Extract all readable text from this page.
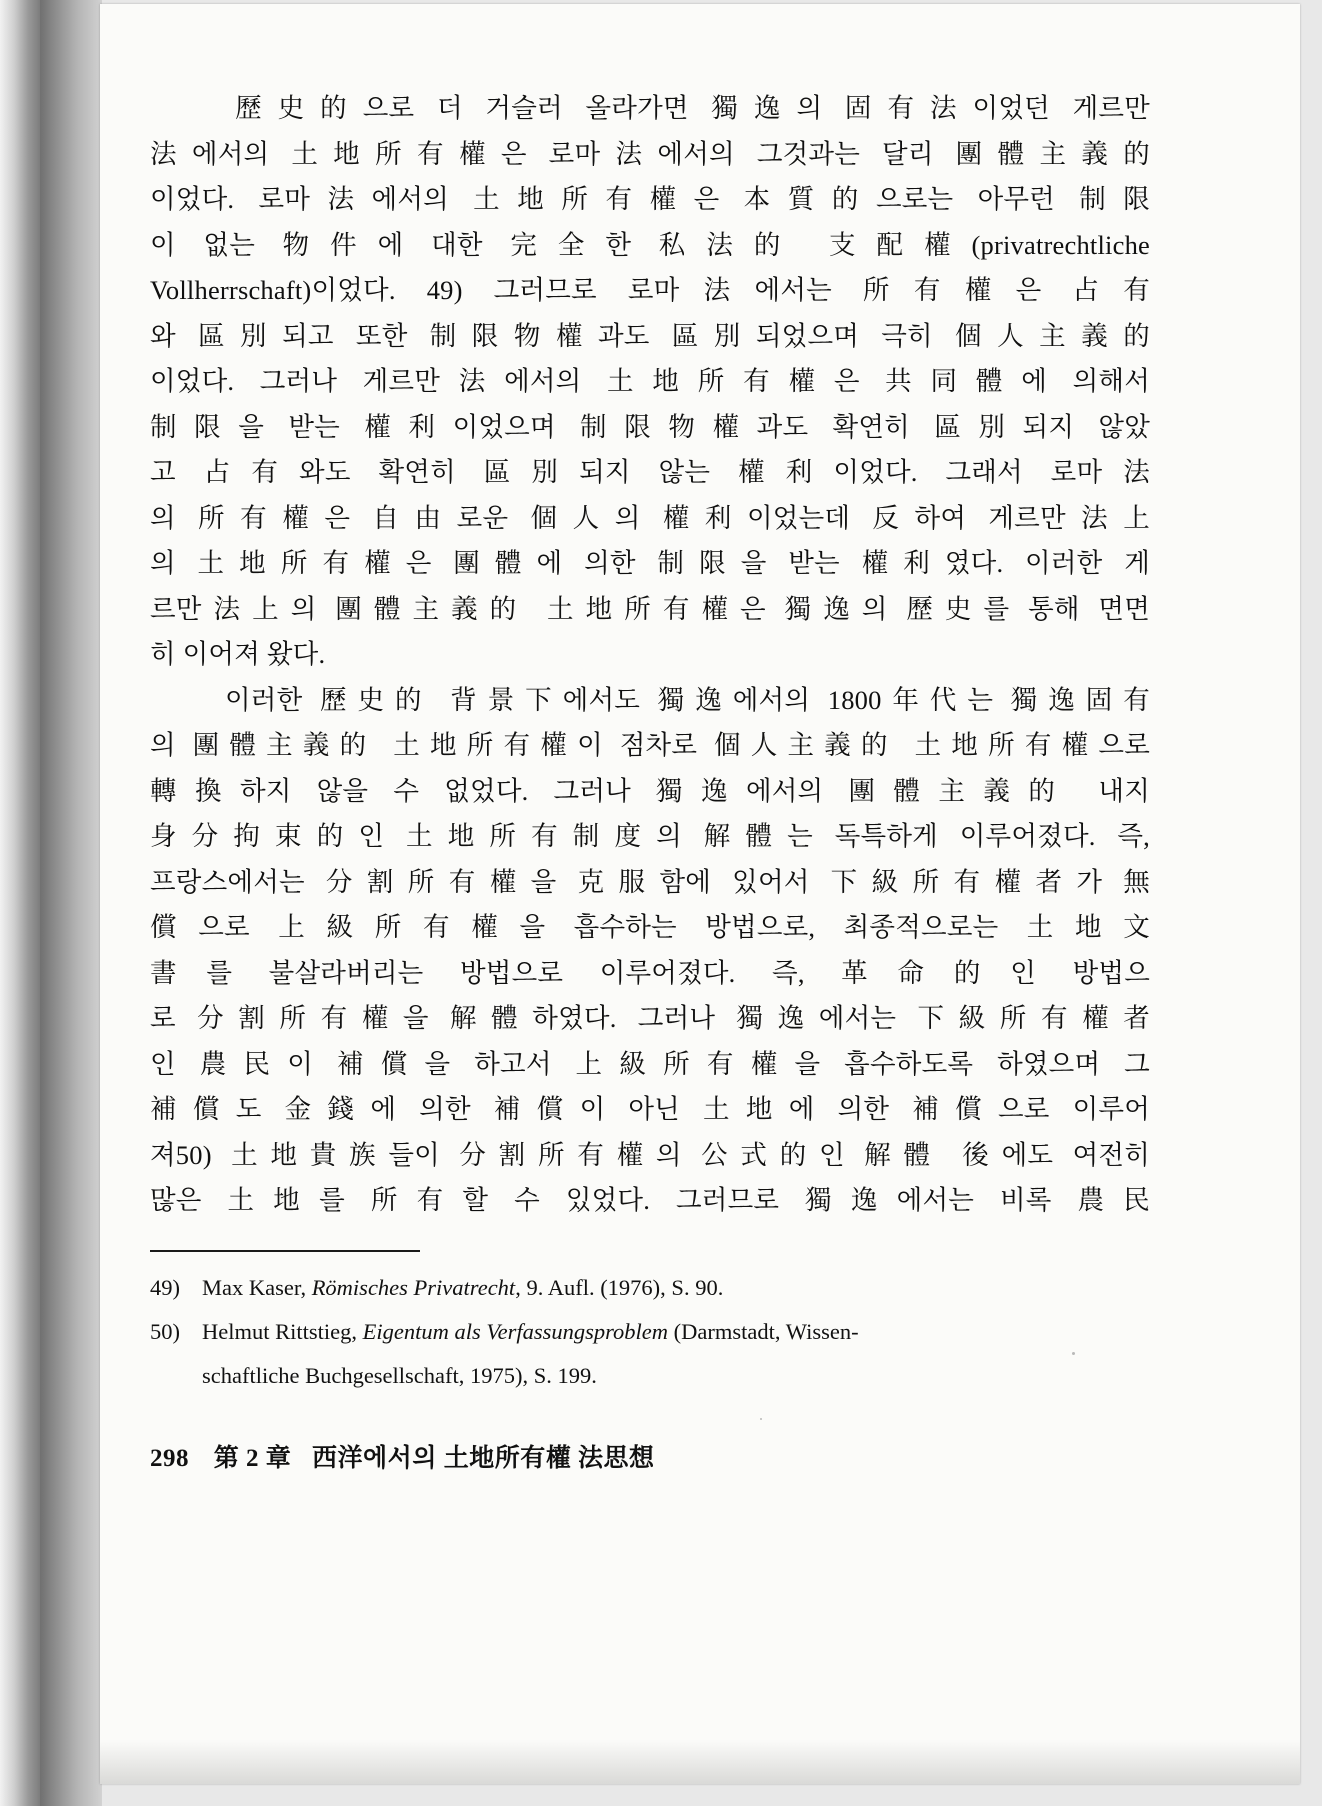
　　歷史的으로 더 거슬러 올라가면 獨逸의 固有法이었던 게르만
法에서의 土地所有權은 로마法에서의 그것과는 달리 團體主義的
이었다. 로마法에서의 土地所有權은 本質的으로는 아무런 制限
이 없는 物件에 대한 完全한 私法的 支配權(privatrechtliche
Vollherrschaft)이었다. 49) 그러므로 로마法에서는 所有權은 占有
와 區別되고 또한 制限物權과도 區別되었으며 극히 個人主義的
이었다. 그러나 게르만法에서의 土地所有權은 共同體에 의해서
制限을 받는 權利이었으며 制限物權과도 확연히 區別되지 않았
고 占有와도 확연히 區別되지 않는 權利이었다. 그래서 로마法
의 所有權은 自由로운 個人의 權利이었는데 反하여 게르만法上
의 土地所有權은 團體에 의한 制限을 받는 權利였다. 이러한 게
르만法上의 團體主義的 土地所有權은 獨逸의 歷史를 통해 면면
히 이어져 왔다.

　　이러한 歷史的 背景下에서도 獨逸에서의 1800年代는 獨逸固有
의 團體主義的 土地所有權이 점차로 個人主義的 土地所有權으로
轉換하지 않을 수 없었다. 그러나 獨逸에서의 團體主義的 내지
身分拘束的인 土地所有制度의 解體는 독특하게 이루어졌다. 즉,
프랑스에서는 分割所有權을 克服함에 있어서 下級所有權者가 無
償으로 上級所有權을 흡수하는 방법으로, 최종적으로는 土地文
書를 불살라버리는 방법으로 이루어졌다. 즉, 革命的인 방법으
로 分割所有權을 解體하였다. 그러나 獨逸에서는 下級所有權者
인 農民이 補償을 하고서 上級所有權을 흡수하도록 하였으며 그
補償도 金錢에 의한 補償이 아닌 土地에 의한 補償으로 이루어
져50) 土地貴族들이 分割所有權의 公式的인 解體 後에도 여전히
많은 土地를 所有할 수 있었다. 그러므로 獨逸에서는 비록 農民

49) Max Kaser, Römisches Privatrecht, 9. Aufl. (1976), S. 90.
50) Helmut Rittstieg, Eigentum als Verfassungsproblem (Darmstadt, Wissen-
schaftliche Buchgesellschaft, 1975), S. 199.
298 第 2 章 西洋에서의 土地所有權 法思想
